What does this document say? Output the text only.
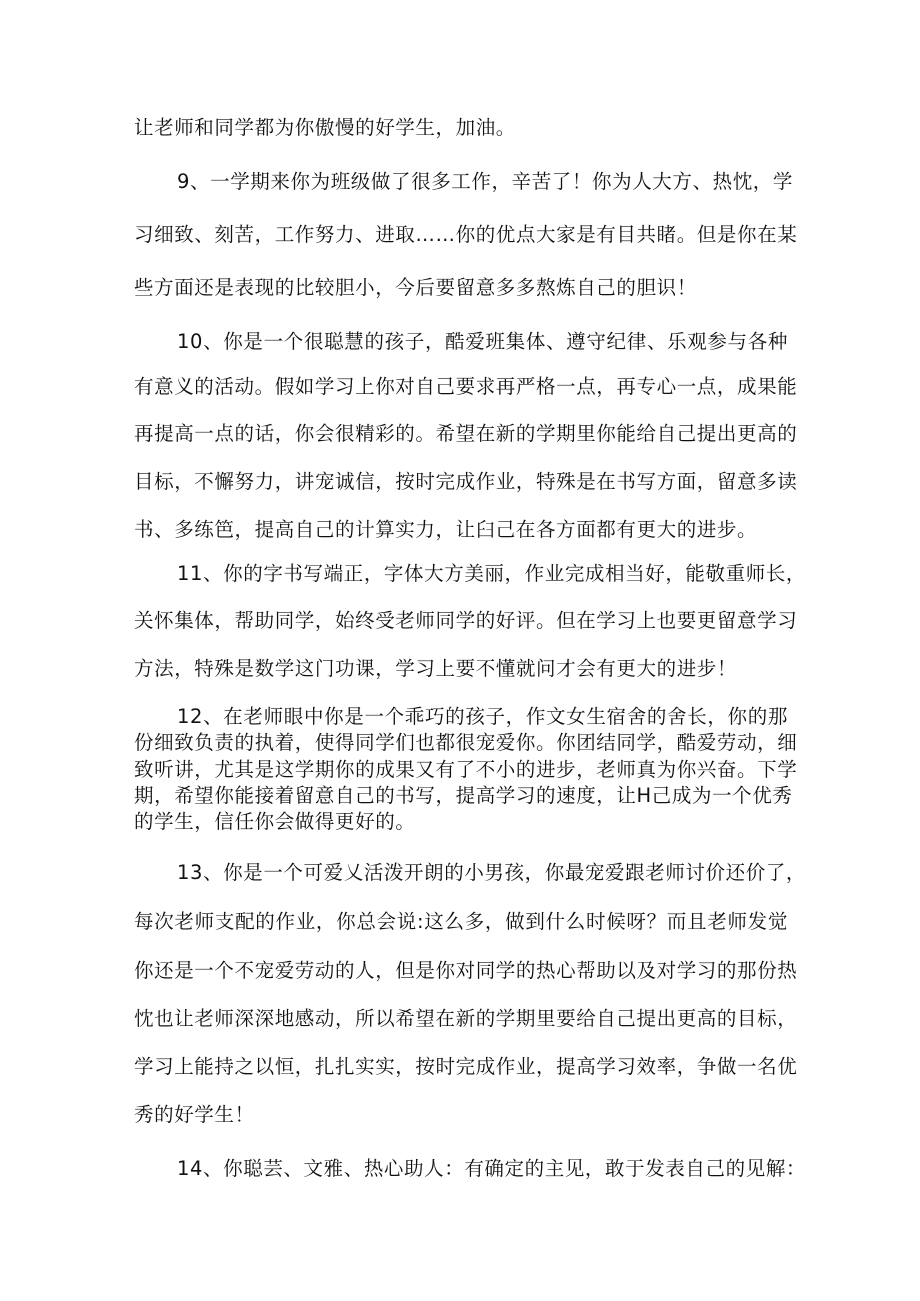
让老师和同学都为你傲慢的好学生，加油。
9、一学期来你为班级做了很多工作，辛苦了！你为人大方、热忱，学
习细致、刻苦，工作努力、进取……你的优点大家是有目共睹。但是你在某
些方面还是表现的比较胆小，今后要留意多多熬炼自己的胆识！
10、你是一个很聪慧的孩子，酷爱班集体、遵守纪律、乐观参与各种
有意义的活动。假如学习上你对自己要求再严格一点，再专心一点，成果能
再提高一点的话，你会很精彩的。希望在新的学期里你能给自己提出更高的
目标，不懈努力，讲宠诚信，按时完成作业，特殊是在书写方面，留意多读
书、多练笆，提高自己的计算实力，让臼己在各方面都有更大的进步。
11、你的字书写端正，字体大方美丽，作业完成相当好，能敬重师长，
关怀集体，帮助同学，始终受老师同学的好评。但在学习上也要更留意学习
方法，特殊是数学这门功课，学习上要不懂就问才会有更大的进步！
12、在老师眼中你是一个乖巧的孩子，作文女生宿舍的舍长，你的那
份细致负责的执着，使得同学们也都很宠爱你。你团结同学，酷爱劳动，细
致听讲，尤其是这学期你的成果又有了不小的进步，老师真为你兴奋。下学
期，希望你能接着留意自己的书写，提高学习的速度，让H己成为一个优秀
的学生，信任你会做得更好的。
13、你是一个可爱乂活泼开朗的小男孩，你最宠爱跟老师讨价还价了，
每次老师支配的作业，你总会说:这么多，做到什么时候呀？而且老师发觉
你还是一个不宠爱劳动的人，但是你对同学的热心帮助以及对学习的那份热
忱也让老师深深地感动，所以希望在新的学期里要给自己提出更高的目标，
学习上能持之以恒，扎扎实实，按时完成作业，提高学习效率，争做一名优
秀的好学生！
14、你聪芸、文雅、热心助人：有确定的主见，敢于发表自己的见解：
